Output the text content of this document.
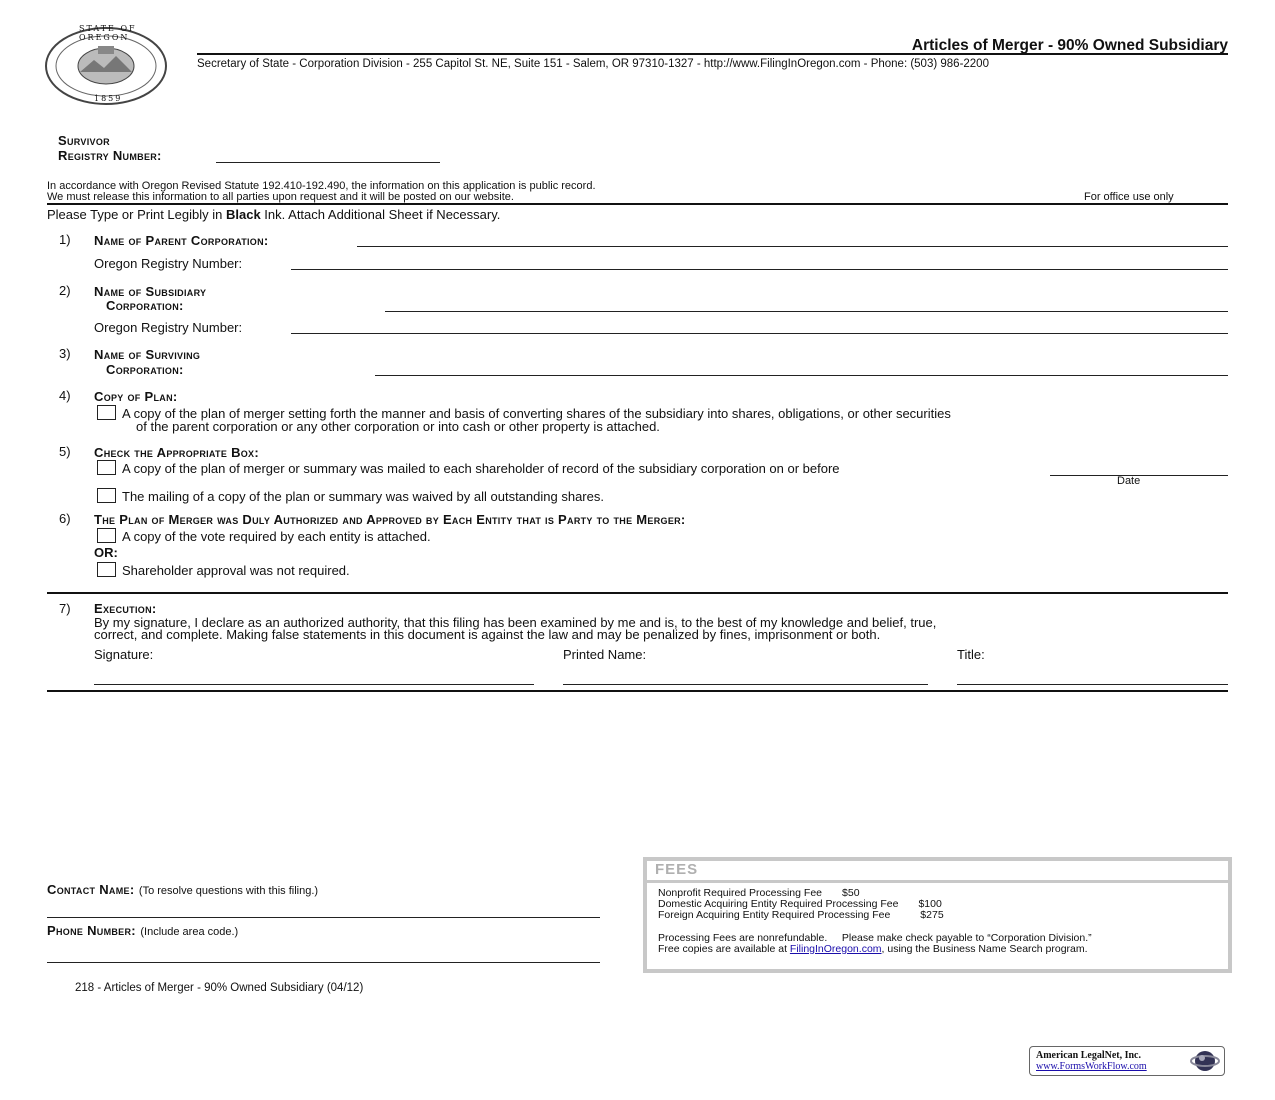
STATE OF OREGON
1859
Articles of Merger - 90% Owned Subsidiary
Secretary of State - Corporation Division - 255 Capitol St. NE, Suite 151 - Salem, OR 97310-1327 - http://www.FilingInOregon.com - Phone: (503) 986-2200
Survivor
Registry Number:
In accordance with Oregon Revised Statute 192.410-192.490, the information on this application is public record.
We must release this information to all parties upon request and it will be posted on our website.	For office use only
Please Type or Print Legibly in Black Ink. Attach Additional Sheet if Necessary.
1) Name of Parent Corporation:
Oregon Registry Number:
2) Name of Subsidiary
Corporation:
Oregon Registry Number:
3) Name of Surviving
Corporation:
4) Copy of Plan:
A copy of the plan of merger setting forth the manner and basis of converting shares of the subsidiary into shares, obligations, or other securities
of the parent corporation or any other corporation or into cash or other property is attached.
5) Check the Appropriate Box:
A copy of the plan of merger or summary was mailed to each shareholder of record of the subsidiary corporation on or before
Date
The mailing of a copy of the plan or summary was waived by all outstanding shares.
6) The Plan of Merger was Duly Authorized and Approved by Each Entity that is Party to the Merger:
A copy of the vote required by each entity is attached.
OR:
Shareholder approval was not required.
7) Execution:
By my signature, I declare as an authorized authority, that this filing has been examined by me and is, to the best of my knowledge and belief, true,
correct, and complete. Making false statements in this document is against the law and may be penalized by fines, imprisonment or both.
Signature:	Printed Name:	Title:
Contact Name: (To resolve questions with this filing.)
Phone Number: (Include area code.)
218 - Articles of Merger - 90% Owned Subsidiary (04/12)
FEES
Nonprofit Required Processing Fee $50
Domestic Acquiring Entity Required Processing Fee $100
Foreign Acquiring Entity Required Processing Fee	$275
Processing Fees are nonrefundable.     Please make check payable to “Corporation Division.”
Free copies are available at FilingInOregon.com, using the Business Name Search program.
American LegalNet, Inc.
www.FormsWorkFlow.com
